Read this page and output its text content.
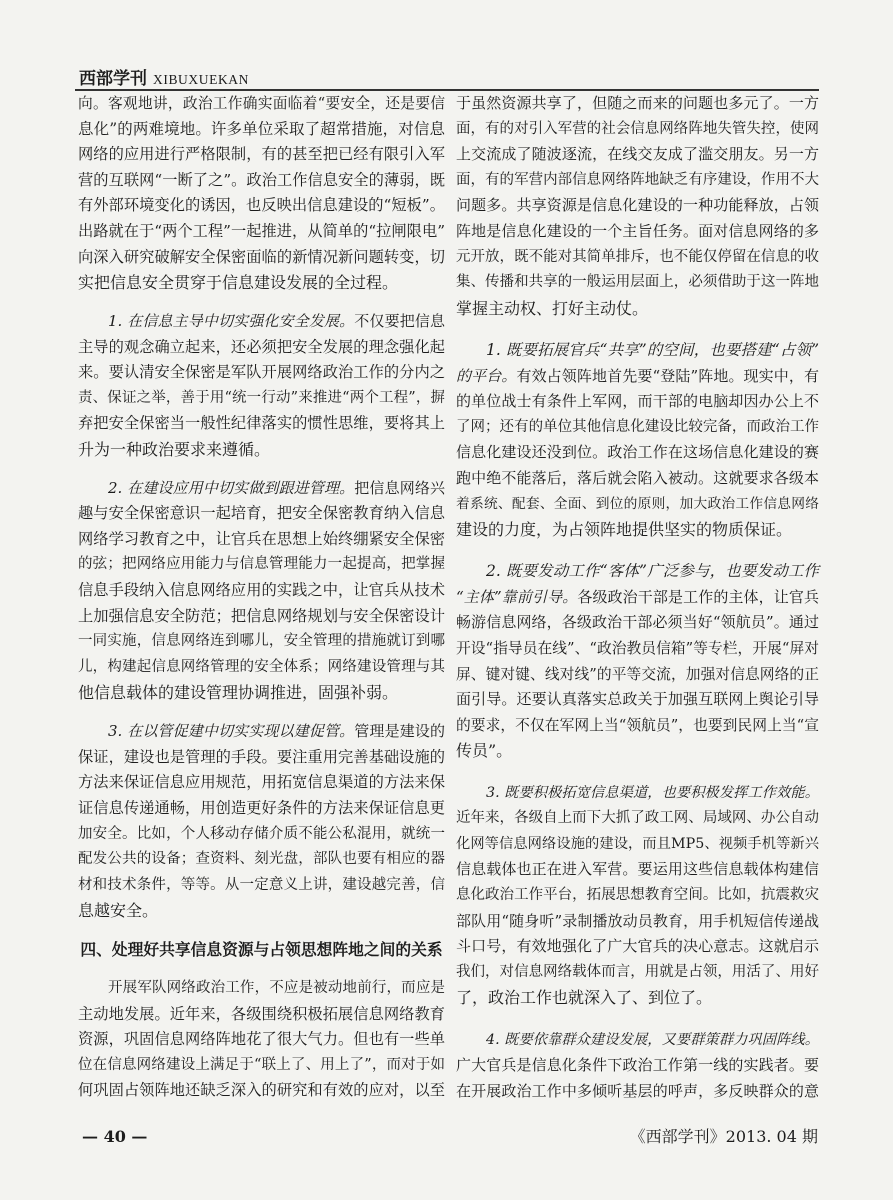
西部学刊 XIBUXUEKAN
向。客观地讲，政治工作确实面临着“要安全，还是要信
息化”的两难境地。许多单位采取了超常措施，对信息
网络的应用进行严格限制，有的甚至把已经有限引入军
营的互联网“一断了之”。政治工作信息安全的薄弱，既
有外部环境变化的诱因，也反映出信息建设的“短板”。
出路就在于“两个工程”一起推进，从简单的“拉闸限电”
向深入研究破解安全保密面临的新情况新问题转变，切
实把信息安全贯穿于信息建设发展的全过程。
1. 在信息主导中切实强化安全发展。不仅要把信息
主导的观念确立起来，还必须把安全发展的理念强化起
来。要认清安全保密是军队开展网络政治工作的分内之
责、保证之举，善于用“统一行动”来推进“两个工程”，摒
弃把安全保密当一般性纪律落实的惯性思维，要将其上
升为一种政治要求来遵循。
2. 在建设应用中切实做到跟进管理。把信息网络兴
趣与安全保密意识一起培育，把安全保密教育纳入信息
网络学习教育之中，让官兵在思想上始终绷紧安全保密
的弦；把网络应用能力与信息管理能力一起提高，把掌握
信息手段纳入信息网络应用的实践之中，让官兵从技术
上加强信息安全防范；把信息网络规划与安全保密设计
一同实施，信息网络连到哪儿，安全管理的措施就订到哪
儿，构建起信息网络管理的安全体系；网络建设管理与其
他信息载体的建设管理协调推进，固强补弱。
3. 在以管促建中切实实现以建促管。管理是建设的
保证，建设也是管理的手段。要注重用完善基础设施的
方法来保证信息应用规范，用拓宽信息渠道的方法来保
证信息传递通畅，用创造更好条件的方法来保证信息更
加安全。比如，个人移动存储介质不能公私混用，就统一
配发公共的设备；查资料、刻光盘，部队也要有相应的器
材和技术条件，等等。从一定意义上讲，建设越完善，信
息越安全。
四、处理好共享信息资源与占领思想阵地之间的关系
开展军队网络政治工作，不应是被动地前行，而应是
主动地发展。近年来，各级围绕积极拓展信息网络教育
资源，巩固信息网络阵地花了很大气力。但也有一些单
位在信息网络建设上满足于“联上了、用上了”，而对于如
何巩固占领阵地还缺乏深入的研究和有效的应对，以至
于虽然资源共享了，但随之而来的问题也多元了。一方
面，有的对引入军营的社会信息网络阵地失管失控，使网
上交流成了随波逐流，在线交友成了滥交朋友。另一方
面，有的军营内部信息网络阵地缺乏有序建设，作用不大
问题多。共享资源是信息化建设的一种功能释放，占领
阵地是信息化建设的一个主旨任务。面对信息网络的多
元开放，既不能对其简单排斥，也不能仅停留在信息的收
集、传播和共享的一般运用层面上，必须借助于这一阵地
掌握主动权、打好主动仗。
1. 既要拓展官兵“共享”的空间，也要搭建“占领”
的平台。有效占领阵地首先要“登陆”阵地。现实中，有
的单位战士有条件上军网，而干部的电脑却因办公上不
了网；还有的单位其他信息化建设比较完备，而政治工作
信息化建设还没到位。政治工作在这场信息化建设的赛
跑中绝不能落后，落后就会陷入被动。这就要求各级本
着系统、配套、全面、到位的原则，加大政治工作信息网络
建设的力度，为占领阵地提供坚实的物质保证。
2. 既要发动工作“客体”广泛参与，也要发动工作
“主体”靠前引导。各级政治干部是工作的主体，让官兵
畅游信息网络，各级政治干部必须当好“领航员”。通过
开设“指导员在线”、“政治教员信箱”等专栏，开展“屏对
屏、键对键、线对线”的平等交流，加强对信息网络的正
面引导。还要认真落实总政关于加强互联网上舆论引导
的要求，不仅在军网上当“领航员”，也要到民网上当“宣
传员”。
3. 既要积极拓宽信息渠道，也要积极发挥工作效能。
近年来，各级自上而下大抓了政工网、局域网、办公自动
化网等信息网络设施的建设，而且MP5、视频手机等新兴
信息载体也正在进入军营。要运用这些信息载体构建信
息化政治工作平台，拓展思想教育空间。比如，抗震救灾
部队用“随身听”录制播放动员教育，用手机短信传递战
斗口号，有效地强化了广大官兵的决心意志。这就启示
我们，对信息网络载体而言，用就是占领，用活了、用好
了，政治工作也就深入了、到位了。
4. 既要依靠群众建设发展，又要群策群力巩固阵线。
广大官兵是信息化条件下政治工作第一线的实践者。要
在开展政治工作中多倾听基层的呼声，多反映群众的意
— 40 —	《西部学刊》2013. 04 期
